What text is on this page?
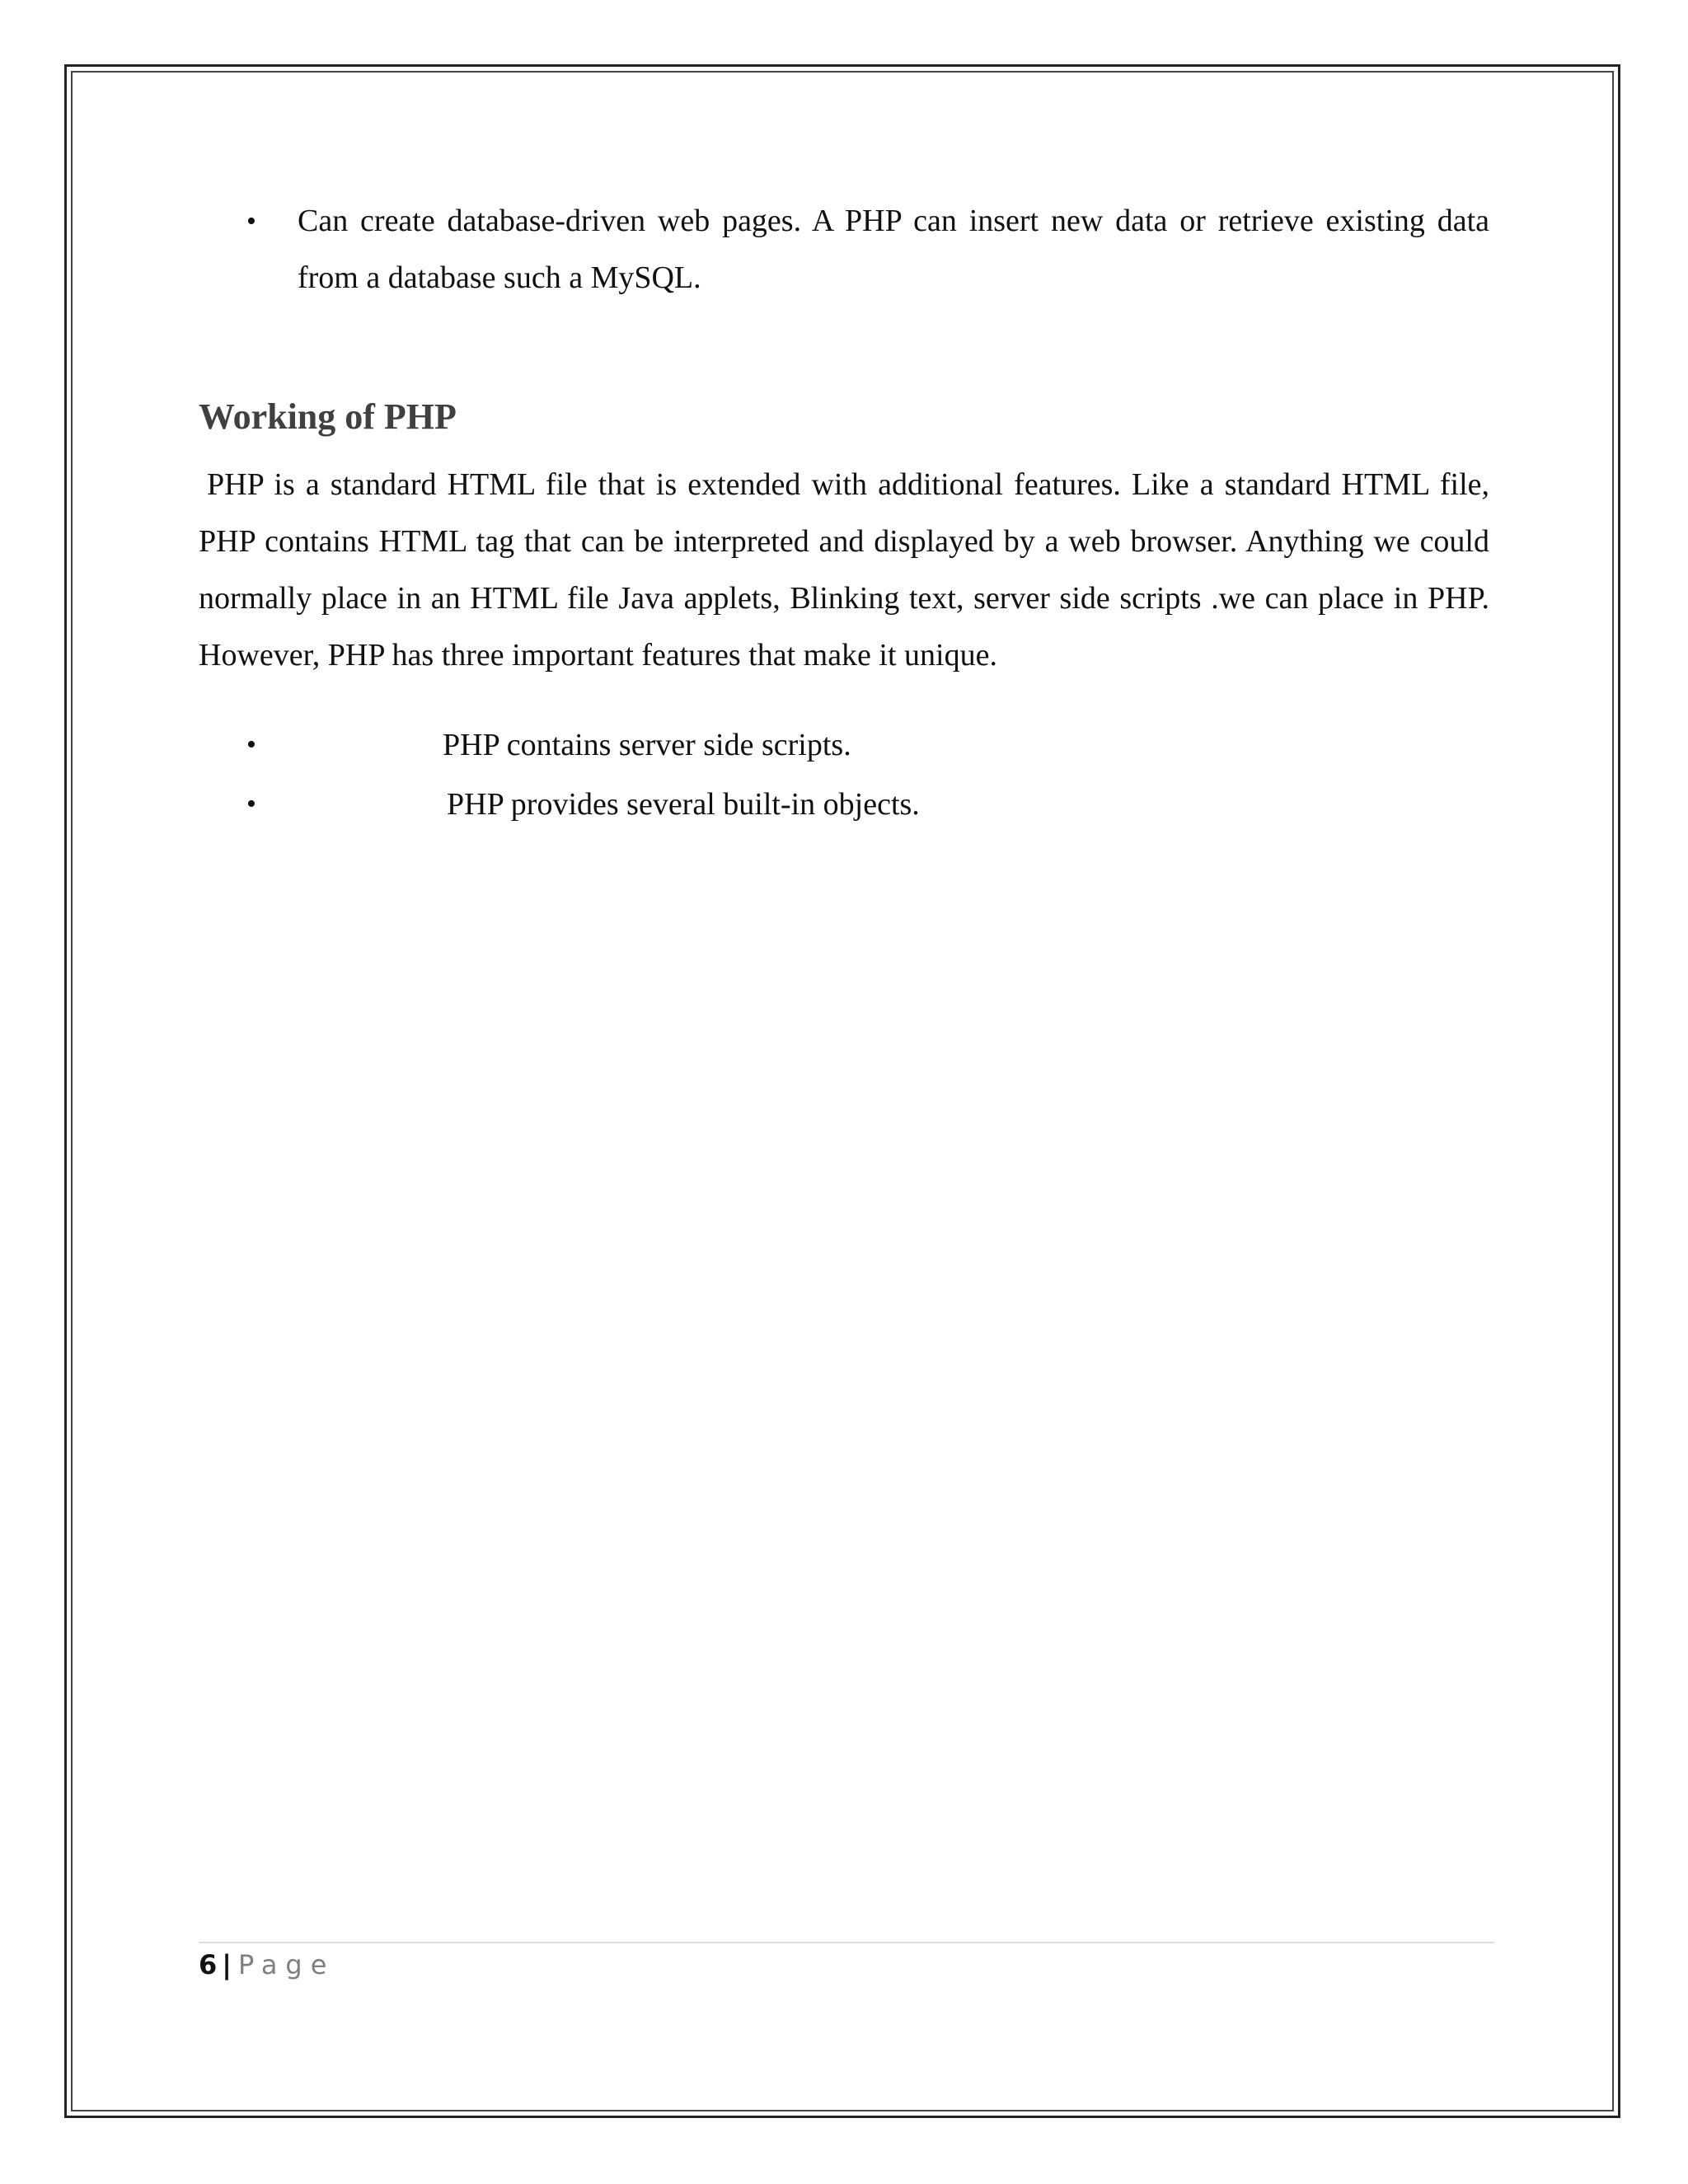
• Can create database-driven web pages. A PHP can insert new data or retrieve existing data from a database such a MySQL.
Working of PHP

PHP is a standard HTML file that is extended with additional features. Like a standard HTML file, PHP contains HTML tag that can be interpreted and displayed by a web browser. Anything we could normally place in an HTML file Java applets, Blinking text, server side scripts .we can place in PHP. However, PHP has three important features that make it unique.

•	PHP contains server side scripts.
•	PHP provides several built-in objects.
6 | Page
